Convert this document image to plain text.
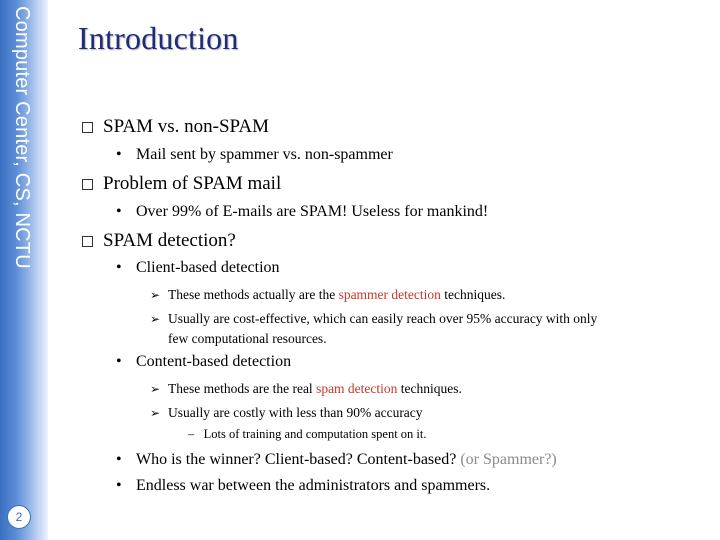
Computer Center, CS, NCTU
2
Introduction
SPAM vs. non-SPAM
• Mail sent by spammer vs. non-spammer
Problem of SPAM mail
• Over 99% of E-mails are SPAM! Useless for mankind!
SPAM detection?
• Client-based detection
➢ These methods actually are the spammer detection techniques.
➢ Usually are cost-effective, which can easily reach over 95% accuracy with only
few computational resources.
• Content-based detection
➢ These methods are the real spam detection techniques.
➢ Usually are costly with less than 90% accuracy
–   Lots of training and computation spent on it.
• Who is the winner? Client-based? Content-based? (or Spammer?)
• Endless war between the administrators and spammers.
